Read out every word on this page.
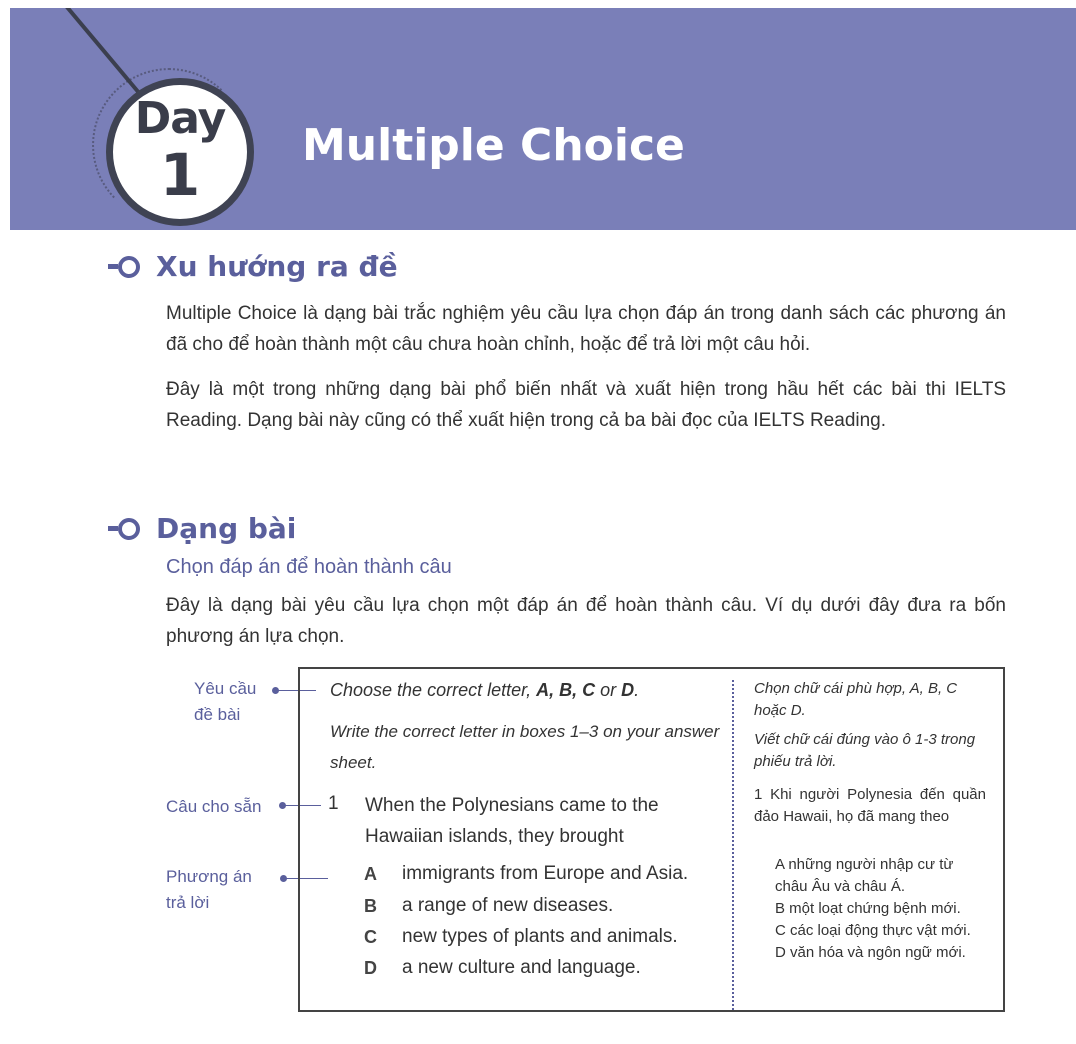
Day
1	Multiple Choice
Xu hướng ra đề
Multiple Choice là dạng bài trắc nghiệm yêu cầu lựa chọn đáp án trong danh sách các phương án đã cho để hoàn thành một câu chưa hoàn chỉnh, hoặc để trả lời một câu hỏi.
Đây là một trong những dạng bài phổ biến nhất và xuất hiện trong hầu hết các bài thi IELTS Reading. Dạng bài này cũng có thể xuất hiện trong cả ba bài đọc của IELTS Reading.
Dạng bài
Chọn đáp án để hoàn thành câu
Đây là dạng bài yêu cầu lựa chọn một đáp án để hoàn thành câu. Ví dụ dưới đây đưa ra bốn phương án lựa chọn.
Yêu cầu đề bài
Câu cho sẵn
Phương án trả lời
Choose the correct letter, A, B, C or D.
Write the correct letter in boxes 1–3 on your answer sheet.
1 When the Polynesians came to the Hawaiian islands, they brought
A immigrants from Europe and Asia.
B a range of new diseases.
C new types of plants and animals.
D a new culture and language.
Chọn chữ cái phù hợp, A, B, C hoặc D.
Viết chữ cái đúng vào ô 1-3 trong phiếu trả lời.
1 Khi người Polynesia đến quần đảo Hawaii, họ đã mang theo
A những người nhập cư từ châu Âu và châu Á.
B một loạt chứng bệnh mới.
C các loại động thực vật mới.
D văn hóa và ngôn ngữ mới.
